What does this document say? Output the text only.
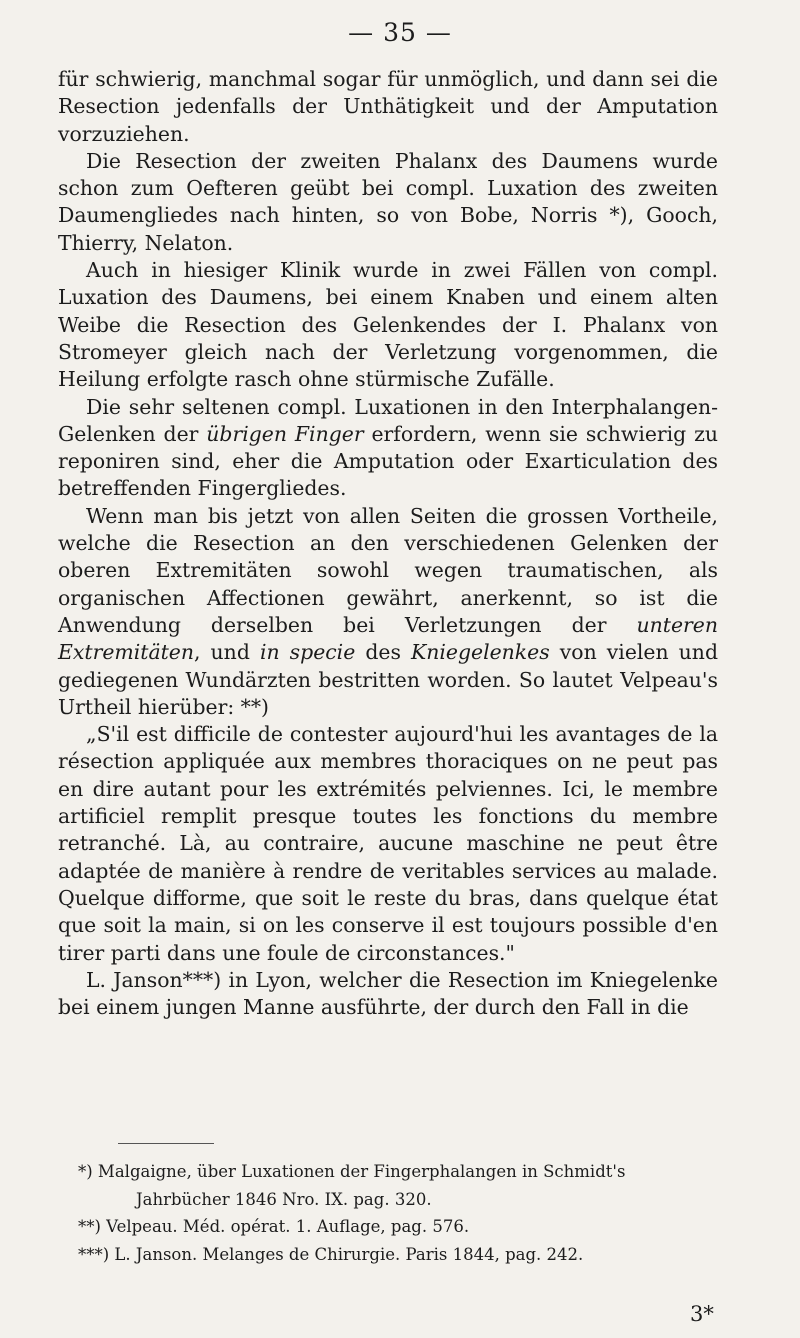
— 35 —

für schwierig, manchmal sogar für unmöglich, und dann sei die Resection jedenfalls der Unthätigkeit und der Amputation vorzuziehen.

Die Resection der zweiten Phalanx des Daumens wurde schon zum Oefteren geübt bei compl. Luxation des zweiten Daumengliedes nach hinten, so von Bobe, Norris *), Gooch, Thierry, Nelaton.

Auch in hiesiger Klinik wurde in zwei Fällen von compl. Luxation des Daumens, bei einem Knaben und einem alten Weibe die Resection des Gelenkendes der I. Phalanx von Stromeyer gleich nach der Verletzung vorgenommen, die Heilung erfolgte rasch ohne stürmische Zufälle.

Die sehr seltenen compl. Luxationen in den Interphalangen-Gelenken der übrigen Finger erfordern, wenn sie schwierig zu reponiren sind, eher die Amputation oder Exarticulation des betreffenden Fingergliedes.

Wenn man bis jetzt von allen Seiten die grossen Vortheile, welche die Resection an den verschiedenen Gelenken der oberen Extremitäten sowohl wegen traumatischen, als organischen Affectionen gewährt, anerkennt, so ist die Anwendung derselben bei Verletzungen der unteren Extremitäten, und in specie des Kniegelenkes von vielen und gediegenen Wundärzten bestritten worden. So lautet Velpeau's Urtheil hierüber: **)

„S'il est difficile de contester aujourd'hui les avantages de la résection appliquée aux membres thoraciques on ne peut pas en dire autant pour les extrémités pelviennes. Ici, le membre artificiel remplit presque toutes les fonctions du membre retranché. Là, au contraire, aucune maschine ne peut être adaptée de manière à rendre de veritables services au malade. Quelque difforme, que soit le reste du bras, dans quelque état que soit la main, si on les conserve il est toujours possible d'en tirer parti dans une foule de circonstances."

L. Janson***) in Lyon, welcher die Resection im Kniegelenke bei einem jungen Manne ausführte, der durch den Fall in die

*) Malgaigne, über Luxationen der Fingerphalangen in Schmidt's Jahrbücher 1846 Nro. IX. pag. 320.

**) Velpeau. Méd. opérat. 1. Auflage, pag. 576.

***) L. Janson. Melanges de Chirurgie. Paris 1844, pag. 242.

3*
